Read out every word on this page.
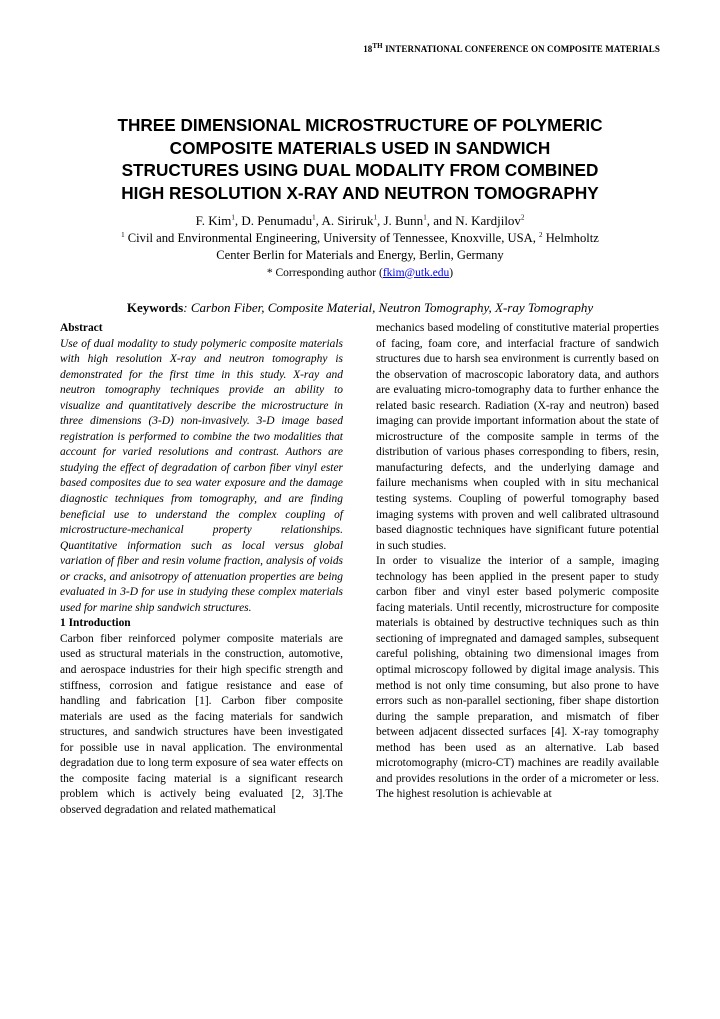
18TH INTERNATIONAL CONFERENCE ON COMPOSITE MATERIALS
THREE DIMENSIONAL MICROSTRUCTURE OF POLYMERIC
COMPOSITE MATERIALS USED IN SANDWICH
STRUCTURES USING DUAL MODALITY FROM COMBINED
HIGH RESOLUTION X-RAY AND NEUTRON TOMOGRAPHY
F. Kim$^1$, D. Penumadu$^1$, A. Siriruk$^1$, J. Bunn$^1$, and N. Kardjilov$^2$
$^1$ Civil and Environmental Engineering, University of Tennessee, Knoxville, USA, $^2$ Helmholtz
Center Berlin for Materials and Energy, Berlin, Germany
* Corresponding author (fkim@utk.edu)
Keywords: Carbon Fiber, Composite Material, Neutron Tomography, X-ray Tomography
Abstract

Use of dual modality to study polymeric composite materials with high resolution X-ray and neutron tomography is demonstrated for the first time in this study. X-ray and neutron tomography techniques provide an ability to visualize and quantitatively describe the microstructure in three dimensions (3-D) non-invasively. 3-D image based registration is performed to combine the two modalities that account for varied resolutions and contrast. Authors are studying the effect of degradation of carbon fiber vinyl ester based composites due to sea water exposure and the damage diagnostic techniques from tomography, and are finding beneficial use to understand the complex coupling of microstructure-mechanical property relationships. Quantitative information such as local versus global variation of fiber and resin volume fraction, analysis of voids or cracks, and anisotropy of attenuation properties are being evaluated in 3-D for use in studying these complex materials used for marine ship sandwich structures.

1 Introduction

Carbon fiber reinforced polymer composite materials are used as structural materials in the construction, automotive, and aerospace industries for their high specific strength and stiffness, corrosion and fatigue resistance and ease of handling and fabrication [1]. Carbon fiber composite materials are used as the facing materials for sandwich structures, and sandwich structures have been investigated for possible use in naval application. The environmental degradation due to long term exposure of sea water effects on the composite facing material is a significant research problem which is actively being evaluated [2, 3].The observed degradation and related mathematical

mechanics based modeling of constitutive material properties of facing, foam core, and interfacial fracture of sandwich structures due to harsh sea environment is currently based on the observation of macroscopic laboratory data, and authors are evaluating micro-tomography data to further enhance the related basic research. Radiation (X-ray and neutron) based imaging can provide important information about the state of microstructure of the composite sample in terms of the distribution of various phases corresponding to fibers, resin, manufacturing defects, and the underlying damage and failure mechanisms when coupled with in situ mechanical testing systems. Coupling of powerful tomography based imaging systems with proven and well calibrated ultrasound based diagnostic techniques have significant future potential in such studies.

In order to visualize the interior of a sample, imaging technology has been applied in the present paper to study carbon fiber and vinyl ester based polymeric composite facing materials. Until recently, microstructure for composite materials is obtained by destructive techniques such as thin sectioning of impregnated and damaged samples, subsequent careful polishing, obtaining two dimensional images from optimal microscopy followed by digital image analysis. This method is not only time consuming, but also prone to have errors such as non-parallel sectioning, fiber shape distortion during the sample preparation, and mismatch of fiber between adjacent dissected surfaces [4]. X-ray tomography method has been used as an alternative. Lab based microtomography (micro-CT) machines are readily available and provides resolutions in the order of a micrometer or less. The highest resolution is achievable at
